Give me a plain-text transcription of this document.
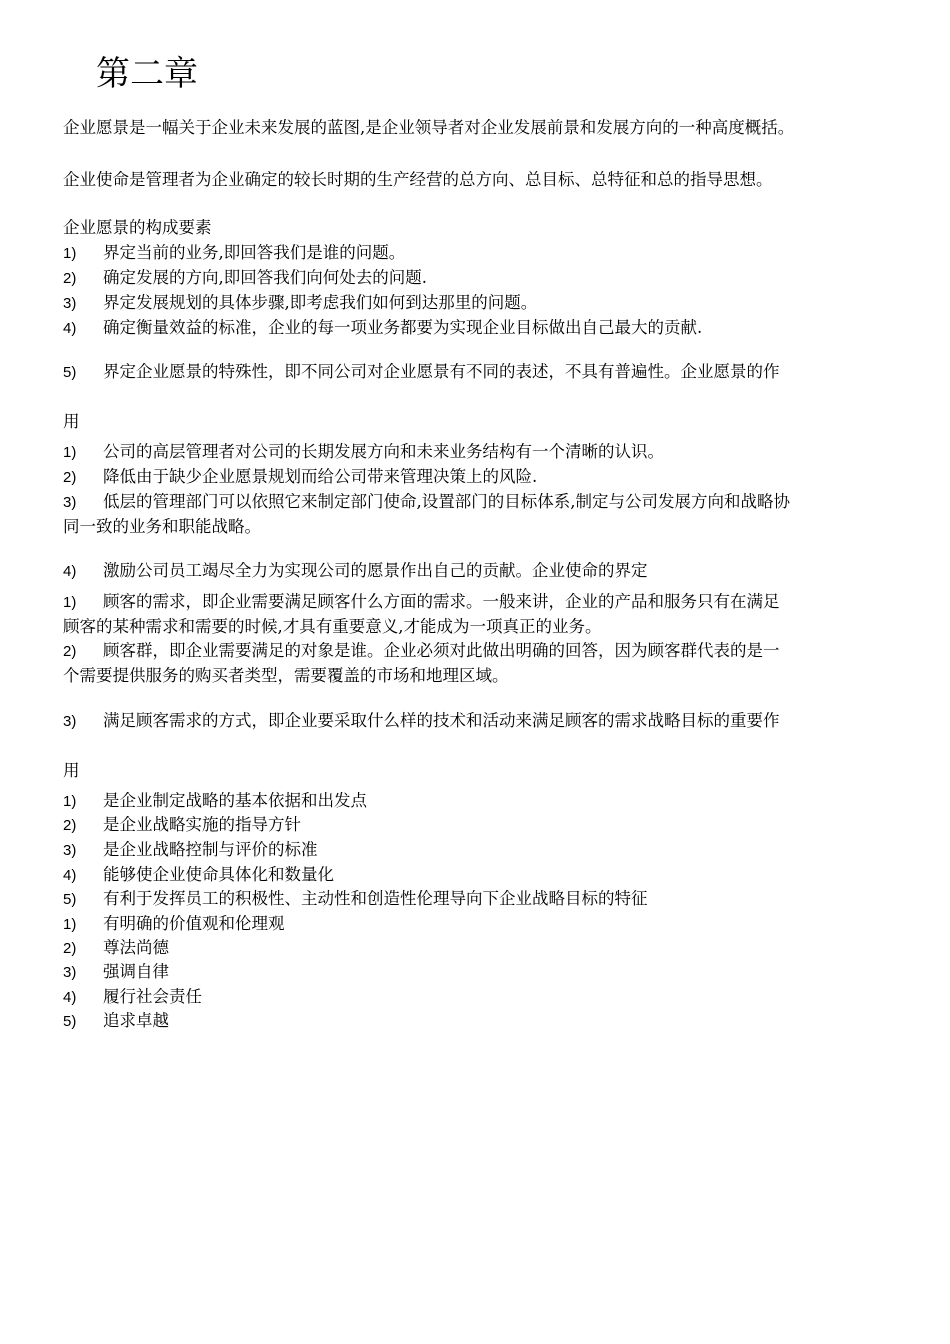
第二章
企业愿景是一幅关于企业未来发展的蓝图,是企业领导者对企业发展前景和发展方向的一种高度概括。
企业使命是管理者为企业确定的较长时期的生产经营的总方向、总目标、总特征和总的指导思想。
企业愿景的构成要素
1) 界定当前的业务,即回答我们是谁的问题。
2) 确定发展的方向,即回答我们向何处去的问题.
3) 界定发展规划的具体步骤,即考虑我们如何到达那里的问题。
4) 确定衡量效益的标准，企业的每一项业务都要为实现企业目标做出自己最大的贡献.
5) 界定企业愿景的特殊性，即不同公司对企业愿景有不同的表述，不具有普遍性。企业愿景的作
用
1) 公司的高层管理者对公司的长期发展方向和未来业务结构有一个清晰的认识。
2) 降低由于缺少企业愿景规划而给公司带来管理决策上的风险.
3) 低层的管理部门可以依照它来制定部门使命,设置部门的目标体系,制定与公司发展方向和战略协
同一致的业务和职能战略。
4) 激励公司员工竭尽全力为实现公司的愿景作出自己的贡献。企业使命的界定
1) 顾客的需求，即企业需要满足顾客什么方面的需求。一般来讲，企业的产品和服务只有在满足
顾客的某种需求和需要的时候,才具有重要意义,才能成为一项真正的业务。
2) 顾客群，即企业需要满足的对象是谁。企业必须对此做出明确的回答，因为顾客群代表的是一
个需要提供服务的购买者类型，需要覆盖的市场和地理区域。
3) 满足顾客需求的方式，即企业要采取什么样的技术和活动来满足顾客的需求战略目标的重要作
用
1) 是企业制定战略的基本依据和出发点
2) 是企业战略实施的指导方针
3) 是企业战略控制与评价的标准
4) 能够使企业使命具体化和数量化
5) 有利于发挥员工的积极性、主动性和创造性伦理导向下企业战略目标的特征
1) 有明确的价值观和伦理观
2) 尊法尚德
3) 强调自律
4) 履行社会责任
5) 追求卓越
